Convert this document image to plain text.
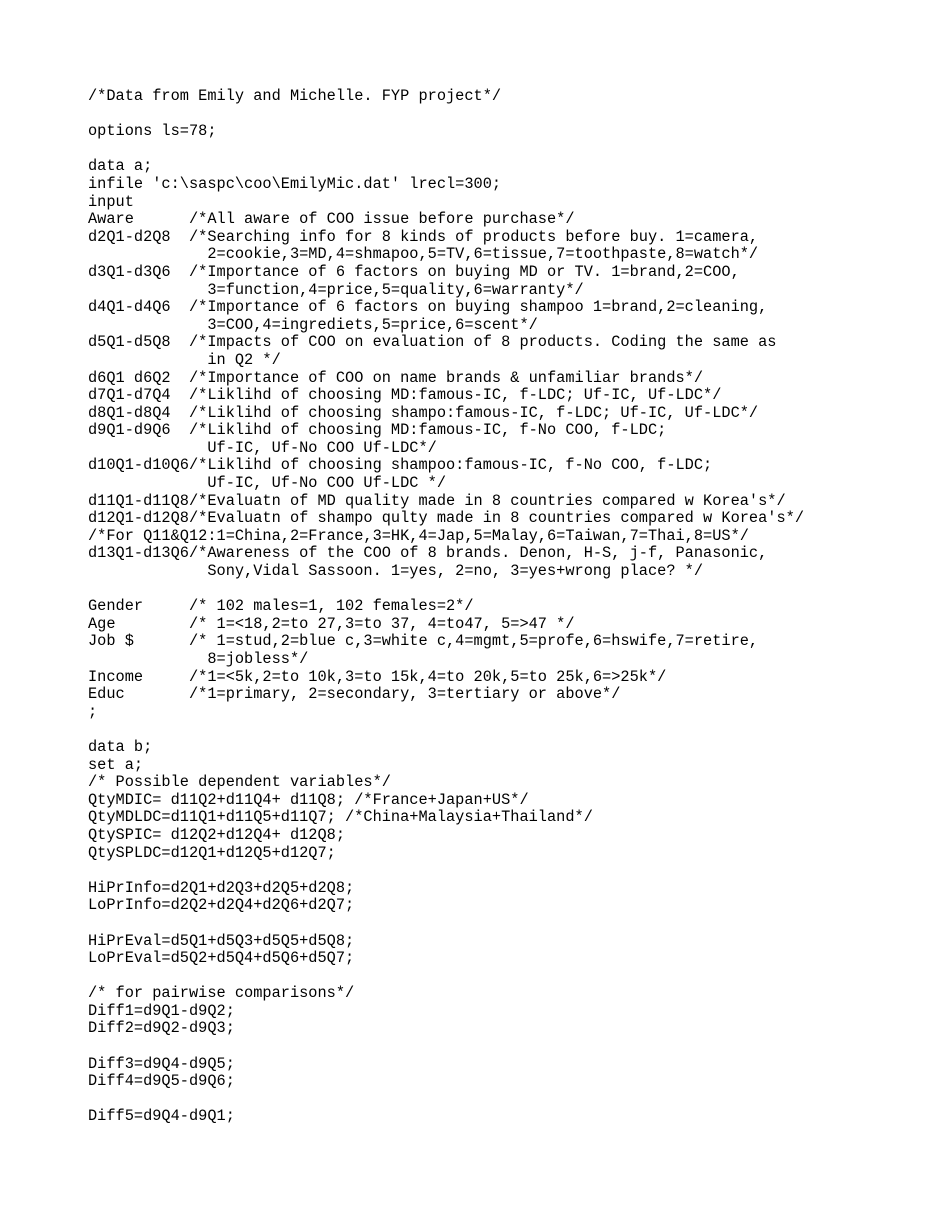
/*Data from Emily and Michelle. FYP project*/
options ls=78;
data a;
infile 'c:\saspc\coo\EmilyMic.dat' lrecl=300;
input
Aware      /*All aware of COO issue before purchase*/
d2Q1-d2Q8  /*Searching info for 8 kinds of products before buy. 1=camera,
2=cookie,3=MD,4=shmapoo,5=TV,6=tissue,7=toothpaste,8=watch*/
d3Q1-d3Q6  /*Importance of 6 factors on buying MD or TV. 1=brand,2=COO,
3=function,4=price,5=quality,6=warranty*/
d4Q1-d4Q6  /*Importance of 6 factors on buying shampoo 1=brand,2=cleaning,
3=COO,4=ingrediets,5=price,6=scent*/
d5Q1-d5Q8  /*Impacts of COO on evaluation of 8 products. Coding the same as
in Q2 */
d6Q1 d6Q2  /*Importance of COO on name brands & unfamiliar brands*/
d7Q1-d7Q4  /*Liklihd of choosing MD:famous-IC, f-LDC; Uf-IC, Uf-LDC*/
d8Q1-d8Q4  /*Liklihd of choosing shampo:famous-IC, f-LDC; Uf-IC, Uf-LDC*/
d9Q1-d9Q6  /*Liklihd of choosing MD:famous-IC, f-No COO, f-LDC;
Uf-IC, Uf-No COO Uf-LDC*/
d10Q1-d10Q6/*Liklihd of choosing shampoo:famous-IC, f-No COO, f-LDC;
Uf-IC, Uf-No COO Uf-LDC */
d11Q1-d11Q8/*Evaluatn of MD quality made in 8 countries compared w Korea's*/
d12Q1-d12Q8/*Evaluatn of shampo qulty made in 8 countries compared w Korea's*/
/*For Q11&Q12:1=China,2=France,3=HK,4=Jap,5=Malay,6=Taiwan,7=Thai,8=US*/
d13Q1-d13Q6/*Awareness of the COO of 8 brands. Denon, H-S, j-f, Panasonic,
Sony,Vidal Sassoon. 1=yes, 2=no, 3=yes+wrong place? */
Gender     /* 102 males=1, 102 females=2*/
Age        /* 1=<18,2=to 27,3=to 37, 4=to47, 5=>47 */
Job $      /* 1=stud,2=blue c,3=white c,4=mgmt,5=profe,6=hswife,7=retire,
8=jobless*/
Income     /*1=<5k,2=to 10k,3=to 15k,4=to 20k,5=to 25k,6=>25k*/
Educ       /*1=primary, 2=secondary, 3=tertiary or above*/
;
data b;
set a;
/* Possible dependent variables*/
QtyMDIC= d11Q2+d11Q4+ d11Q8; /*France+Japan+US*/
QtyMDLDC=d11Q1+d11Q5+d11Q7; /*China+Malaysia+Thailand*/
QtySPIC= d12Q2+d12Q4+ d12Q8;
QtySPLDC=d12Q1+d12Q5+d12Q7;
HiPrInfo=d2Q1+d2Q3+d2Q5+d2Q8;
LoPrInfo=d2Q2+d2Q4+d2Q6+d2Q7;
HiPrEval=d5Q1+d5Q3+d5Q5+d5Q8;
LoPrEval=d5Q2+d5Q4+d5Q6+d5Q7;
/* for pairwise comparisons*/
Diff1=d9Q1-d9Q2;
Diff2=d9Q2-d9Q3;
Diff3=d9Q4-d9Q5;
Diff4=d9Q5-d9Q6;
Diff5=d9Q4-d9Q1;
